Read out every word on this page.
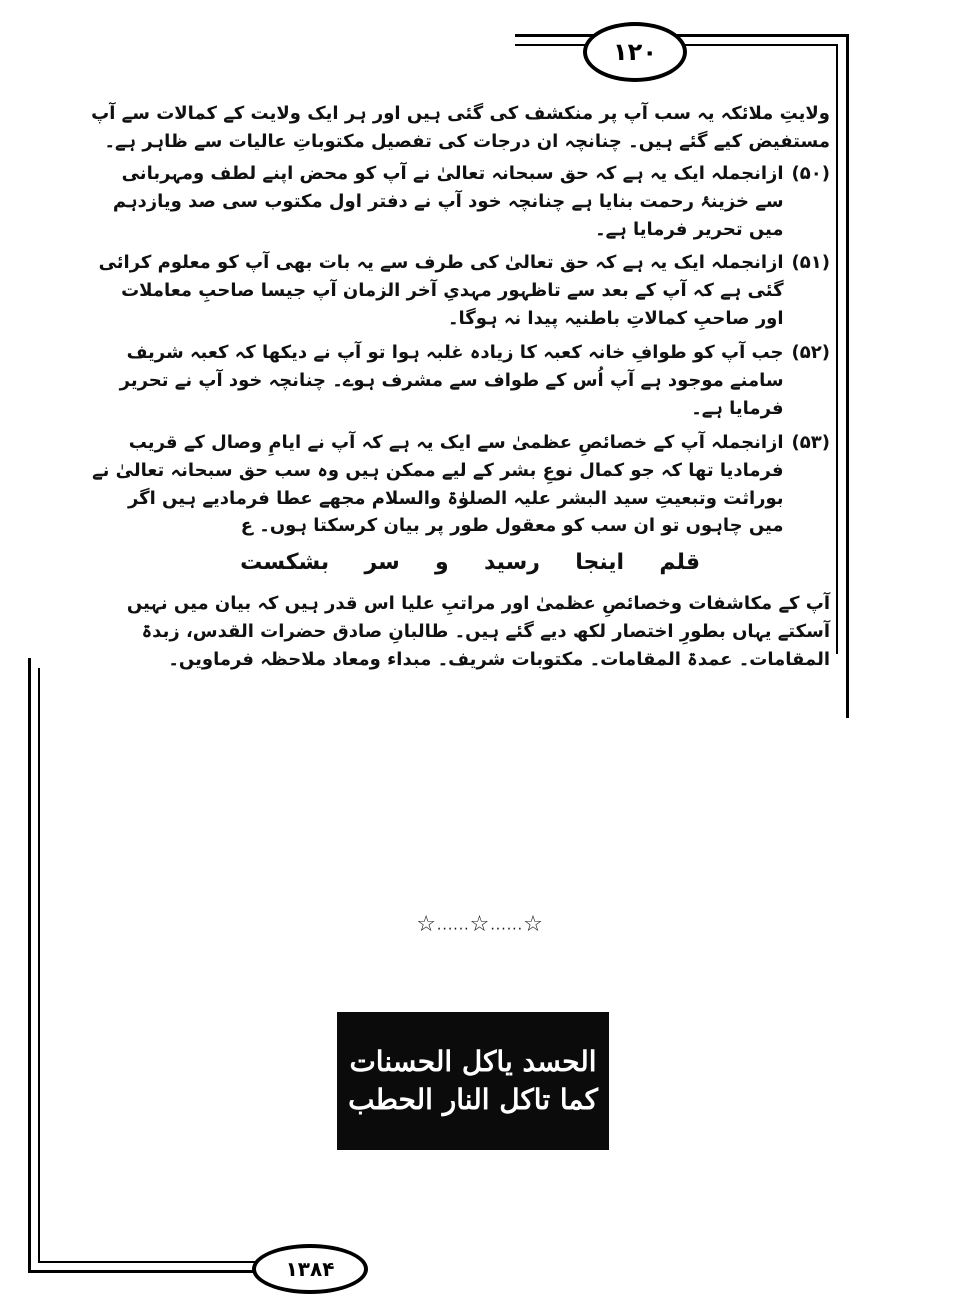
۱۲۰
۱۳۸۴

ولایتِ ملائکہ یہ سب آپ پر منکشف کی گئی ہیں اور ہر ایک ولایت کے کمالات سے آپ مستفیض کیے گئے ہیں۔ چنانچہ ان درجات کی تفصیل مکتوباتِ عالیات سے ظاہر ہے۔

(۵۰)
ازانجملہ ایک یہ ہے کہ حق سبحانہ تعالیٰ نے آپ کو محض اپنے لطف ومہربانی سے خزینۂ رحمت بنایا ہے چنانچہ خود آپ نے دفتر اول مکتوب سی صد ویازدہم میں تحریر فرمایا ہے۔
(۵۱)
ازانجملہ ایک یہ ہے کہ حق تعالیٰ کی طرف سے یہ بات بھی آپ کو معلوم کرائی گئی ہے کہ آپ کے بعد سے تاظہور مہدیِ آخر الزمان آپ جیسا صاحبِ معاملات اور صاحبِ کمالاتِ باطنیہ پیدا نہ ہوگا۔
(۵۲)
جب آپ کو طوافِ خانہ کعبہ کا زیادہ غلبہ ہوا تو آپ نے دیکھا کہ کعبہ شریف سامنے موجود ہے آپ اُس کے طواف سے مشرف ہوے۔ چنانچہ خود آپ نے تحریر فرمایا ہے۔
(۵۳)
ازانجملہ آپ کے خصائصِ عظمیٰ سے ایک یہ ہے کہ آپ نے ایامِ وصال کے قریب فرمادیا تھا کہ جو کمال نوعِ بشر کے لیے ممکن ہیں وہ سب حق سبحانہ تعالیٰ نے بوراثت وتبعیتِ سید البشر علیہ الصلوٰۃ والسلام مجھے عطا فرمادیے ہیں اگر میں چاہوں تو ان سب کو معقول طور پر بیان کرسکتا ہوں۔ ع
قلم
اینجا
رسید
و
سر
بشکست

آپ کے مکاشفات وخصائصِ عظمیٰ اور مراتبِ علیا اس قدر ہیں کہ بیان میں نہیں آسکتے یہاں بطورِ اختصار لکھ دیے گئے ہیں۔ طالبانِ صادق حضرات القدس، زبدۃ المقامات۔ عمدۃ المقامات۔ مکتوبات شریف۔ مبداء ومعاد ملاحظہ فرماویں۔

☆......☆......☆
الحسد یاکل الحسنات
کما تاکل النار الحطب
